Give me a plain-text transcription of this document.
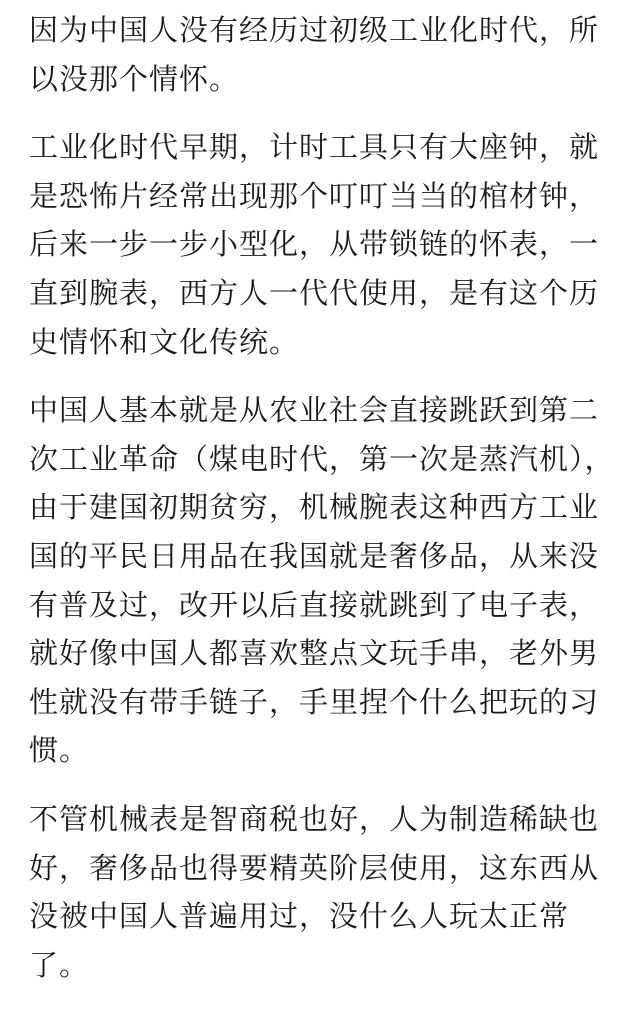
因为中国人没有经历过初级工业化时代，所
以没那个情怀。

工业化时代早期，计时工具只有大座钟，就
是恐怖片经常出现那个叮叮当当的棺材钟，
后来一步一步小型化，从带锁链的怀表，一
直到腕表，西方人一代代使用，是有这个历
史情怀和文化传统。

中国人基本就是从农业社会直接跳跃到第二
次工业革命（煤电时代，第一次是蒸汽机），
由于建国初期贫穷，机械腕表这种西方工业
国的平民日用品在我国就是奢侈品，从来没
有普及过，改开以后直接就跳到了电子表，
就好像中国人都喜欢整点文玩手串，老外男
性就没有带手链子，手里捏个什么把玩的习
惯。

不管机械表是智商税也好，人为制造稀缺也
好，奢侈品也得要精英阶层使用，这东西从
没被中国人普遍用过，没什么人玩太正常
了。
